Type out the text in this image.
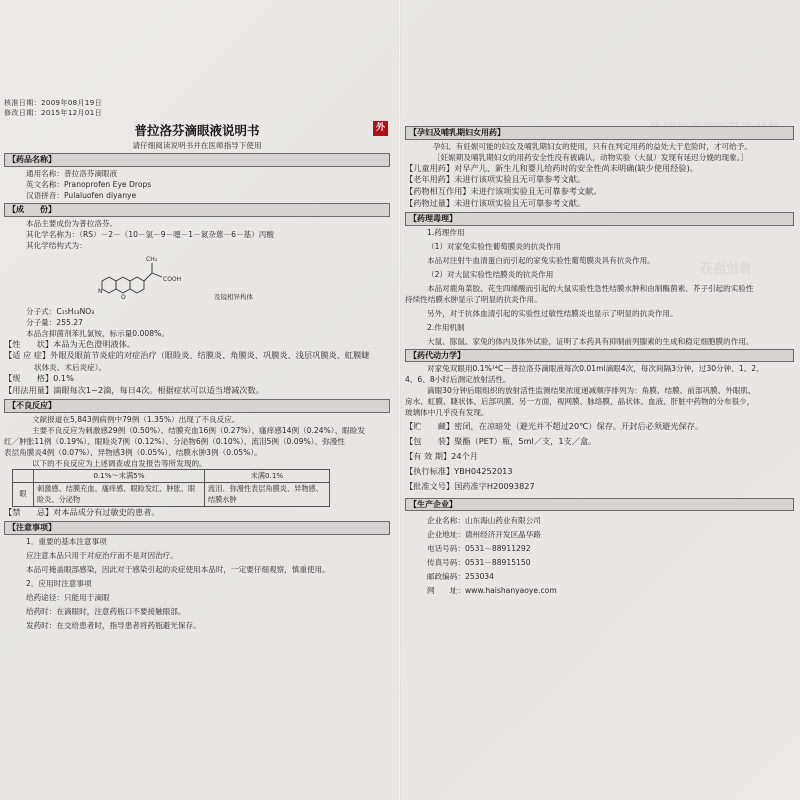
普拉洛芬

核准日期：2009年08月19日

修改日期：2015年12月01日

普拉洛芬滴眼液说明书	外

请仔细阅读说明书并在医师指导下使用

【药品名称】

通用名称：普拉洛芬滴眼液

英文名称：Pranoprofen Eye Drops

汉语拼音：Pulaluofen diyanye

【成　　份】

本品主要成份为普拉洛芬。

其化学名称为：（RS）－2－（10－氢－9－噁－1－氮杂蒽－6－基）丙酸

其化学结构式为：

N
O
CH₃
COOH
及镜相异构体

分子式：C₁₅H₁₃NO₃

分子量：255.27

本品含抑菌剂苯扎氯铵，标示量0.008%。

【性　　状】本品为无色澄明液体。

【适 应 症】外眼及眼前节炎症的对症治疗（眼睑炎、结膜炎、角膜炎、巩膜炎、浅层巩膜炎、虹膜睫

状体炎、术后炎症）。

【规　　格】0.1%

【用法用量】滴眼每次1~2滴，每日4次。根据症状可以适当增减次数。

【不良反应】

文献报道在5,843例病例中79例（1.35%）出现了不良反应。

主要不良反应为刺激感29例（0.50%）、结膜充血16例（0.27%）、瘙痒感14例（0.24%）、眼睑发

红／肿胀11例（0.19%）、眼睑炎7例（0.12%）、分泌物6例（0.10%）、流泪5例（0.09%）、弥漫性

表层角膜炎4例（0.07%）、异物感3例（0.05%）、结膜水肿3例（0.05%）。

以下的不良反应为上述调查或自发报告等所发现的。

	0.1%～未满5%	未满0.1%
眼	刺激感、结膜充血、瘙痒感、眼睑发红、肿胀、眼睑炎、分泌物	流泪、弥漫性表层角膜炎、异物感、结膜水肿

【禁　　忌】对本品成分有过敏史的患者。

【注意事项】

1．重要的基本注意事项

应注意本品只用于对症治疗而不是对因治疗。

本品可掩盖眼部感染，因此对于感染引起的炎症使用本品时，一定要仔细观察，慎重使用。

2．应用时注意事项

给药途径：只能用于滴眼

给药时：在滴眼时，注意药瓶口不要接触眼部。

发药时：在交给患者时，指导患者将药瓶避光保存。

【孕妇及哺乳期妇女用药】

孕妇、有妊娠可能的妇女及哺乳期妇女的使用，只有在判定用药的益处大于危险时，才可给予。

［妊娠期及哺乳期妇女的用药安全性没有被确认，动物实验（大鼠）发现有延迟分娩的现象。］

【儿童用药】对早产儿、新生儿和婴儿给药时的安全性尚未明确(缺少使用经验)。

【老年用药】未进行该项实验且无可靠参考文献。

【药物相互作用】未进行该项实验且无可靠参考文献。

【药物过量】未进行该项实验且无可靠参考文献。

【药理毒理】

1.药理作用

（1）对家兔实验性葡萄膜炎的抗炎作用

本品对注射牛血清蛋白而引起的家兔实验性葡萄膜炎具有抗炎作用。

（2）对大鼠实验性结膜炎的抗炎作用

本品对鹿角菜胶、花生四烯酸而引起的大鼠实验性急性结膜水肿和由制酶菌素、芥子引起的实验性

持续性结膜水肿显示了明显的抗炎作用。

另外，对于抗体血清引起的实验性过敏性结膜炎也显示了明显的抗炎作用。

2.作用机制

大鼠、豚鼠、家兔的体内及体外试验，证明了本药具有抑制前列腺素的生成和稳定细胞膜的作用。

【药代动力学】

对家兔双眼用0.1%¹⁴C－普拉洛芬滴眼液每次0.01ml滴眼4次，每次间隔3分钟，过30分钟、1、2、

4、6、8小时后测定放射活性。

滴眼30分钟后眼组织的放射活性监测结果浓度递减顺序排列为：角膜、结膜、前部巩膜、外眼肌、

房水、虹膜、睫状体、后部巩膜、另一方面，视网膜、脉络膜、晶状体、血液、肝脏中药物的分布很少，

玻璃体中几乎没有发现。

【贮　　藏】密闭，在凉暗处（避光并不超过20℃）保存。开封后必须避光保存。

【包　　装】聚酯（PET）瓶，5ml／支，1支／盒。

【有 效 期】24个月

【执行标准】YBH04252013

【批准文号】国药准字H20093827

【生产企业】

企业名称：山东海山药业有限公司

企业地址：德州经济开发区晶华路

电话号码：0531－88911292

传真号码：0531－88915150

邮政编码：253034

网　　址：www.haishanyaoye.com
